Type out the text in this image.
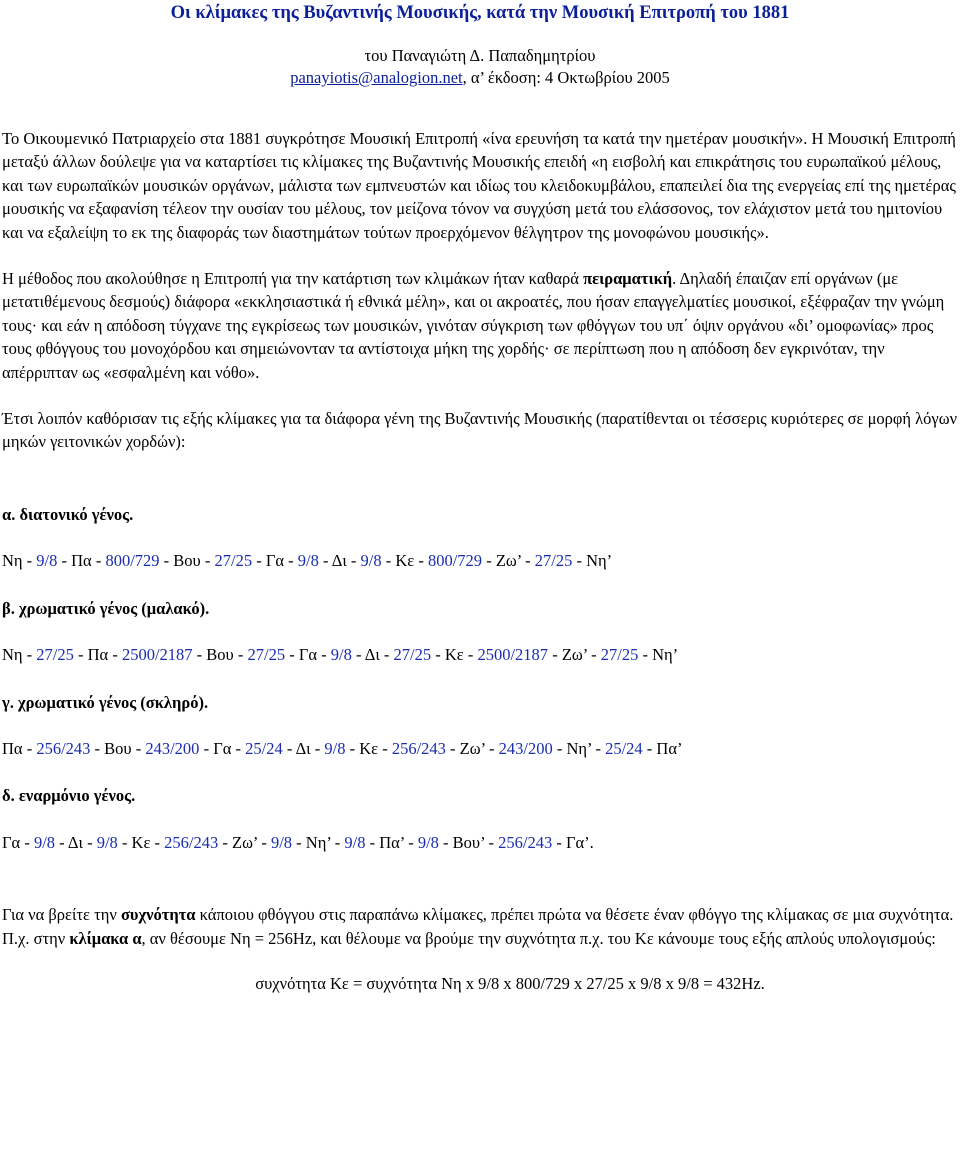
Οι κλίμακες της Βυζαντινής Μουσικής, κατά την Μουσική Επιτροπή του 1881
του Παναγιώτη Δ. Παπαδημητρίου
panayiotis@analogion.net, α’ έκδοση: 4 Οκτωβρίου 2005

Το Οικουμενικό Πατριαρχείο στα 1881 συγκρότησε Μουσική Επιτροπή «ίνα ερευνήση τα κατά την ημετέραν μουσικήν». Η Μουσική Επιτροπή μεταξύ άλλων δούλεψε για να καταρτίσει τις κλίμακες της Βυζαντινής Μουσικής επειδή «η εισβολή και επικράτησις του ευρωπαϊκού μέλους, και των ευρωπαϊκών μουσικών οργάνων, μάλιστα των εμπνευστών και ιδίως του κλειδοκυμβάλου, επαπειλεί δια της ενεργείας επί της ημετέρας μουσικής να εξαφανίση τέλεον την ουσίαν του μέλους, τον μείζονα τόνον να συγχύση μετά του ελάσσονος, τον ελάχιστον μετά του ημιτονίου και να εξαλείψη το εκ της διαφοράς των διαστημάτων τούτων προερχόμενον θέλγητρον της μονοφώνου μουσικής».

Η μέθοδος που ακολούθησε η Επιτροπή για την κατάρτιση των κλιμάκων ήταν καθαρά πειραματική. Δηλαδή έπαιζαν επί οργάνων (με μετατιθέμενους δεσμούς) διάφορα «εκκλησιαστικά ή εθνικά μέλη», και οι ακροατές, που ήσαν επαγγελματίες μουσικοί, εξέφραζαν την γνώμη τους· και εάν η απόδοση τύγχανε της εγκρίσεως των μουσικών, γινόταν σύγκριση των φθόγγων του υπ΄ όψιν οργάνου «δι’ ομοφωνίας» προς τους φθόγγους του μονοχόρδου και σημειώνονταν τα αντίστοιχα μήκη της χορδής· σε περίπτωση που η απόδοση δεν εγκρινόταν, την απέρριπταν ως «εσφαλμένη και νόθο».

Έτσι λοιπόν καθόρισαν τις εξής κλίμακες για τα διάφορα γένη της Βυζαντινής Μουσικής (παρατίθενται οι τέσσερις κυριότερες σε μορφή λόγων μηκών γειτονικών χορδών):

α. διατονικό γένος.

Νη - 9/8 - Πα - 800/729 - Βου - 27/25 - Γα - 9/8 - Δι - 9/8 - Κε - 800/729 - Ζω’ - 27/25 - Νη’

β. χρωματικό γένος (μαλακό).

Νη - 27/25 - Πα - 2500/2187 - Βου - 27/25 - Γα - 9/8 - Δι - 27/25 - Κε - 2500/2187 - Ζω’ - 27/25 - Νη’

γ. χρωματικό γένος (σκληρό).

Πα - 256/243 - Βου - 243/200 - Γα - 25/24 - Δι - 9/8 - Κε - 256/243 - Ζω’ - 243/200 - Νη’ - 25/24 - Πα’

δ. εναρμόνιο γένος.

Γα - 9/8 - Δι - 9/8 - Κε - 256/243 - Ζω’ - 9/8 - Νη’ - 9/8 - Πα’ - 9/8 - Βου’ - 256/243 - Γα’.

Για να βρείτε την συχνότητα κάποιου φθόγγου στις παραπάνω κλίμακες, πρέπει πρώτα να θέσετε έναν φθόγγο της κλίμακας σε μια συχνότητα. Π.χ. στην κλίμακα α, αν θέσουμε Νη = 256Hz, και θέλουμε να βρούμε την συχνότητα π.χ. του Κε κάνουμε τους εξής απλούς υπολογισμούς:

συχνότητα Κε = συχνότητα Νη x 9/8 x 800/729 x 27/25 x 9/8 x 9/8 = 432Hz.
